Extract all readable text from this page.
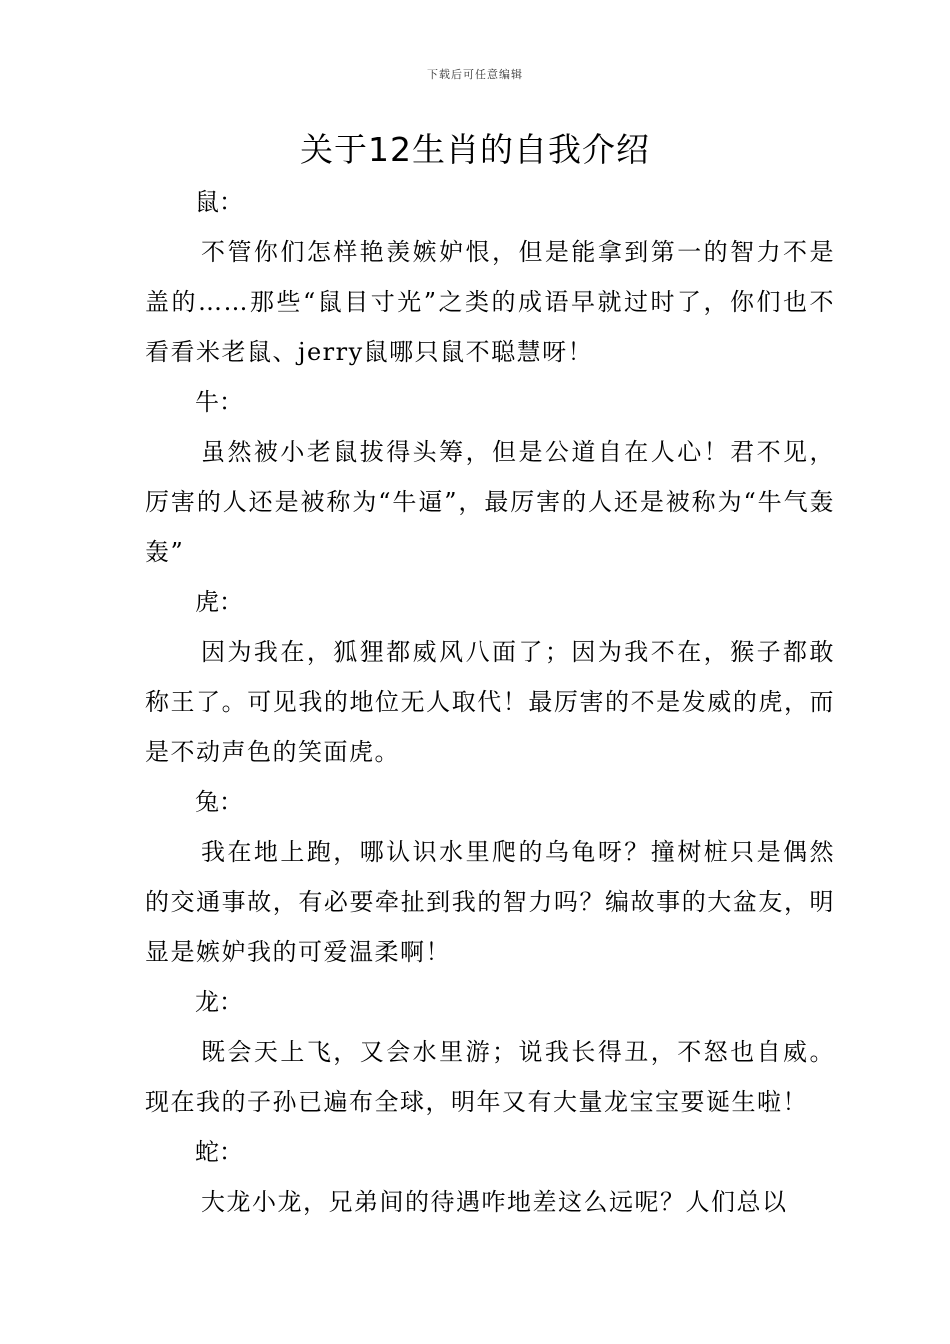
下载后可任意编辑
关于12生肖的自我介绍
鼠：
不管你们怎样艳羡嫉妒恨，但是能拿到第一的智力不是盖的……那些“鼠目寸光”之类的成语早就过时了，你们也不看看米老鼠、jerry鼠哪只鼠不聪慧呀！
牛：
虽然被小老鼠拔得头筹，但是公道自在人心！君不见，厉害的人还是被称为“牛逼”，最厉害的人还是被称为“牛气轰轰”
虎：
因为我在，狐狸都威风八面了；因为我不在，猴子都敢称王了。可见我的地位无人取代！最厉害的不是发威的虎，而是不动声色的笑面虎。
兔：
我在地上跑，哪认识水里爬的乌龟呀？撞树桩只是偶然的交通事故，有必要牵扯到我的智力吗？编故事的大盆友，明显是嫉妒我的可爱温柔啊！
龙：
既会天上飞，又会水里游；说我长得丑，不怒也自威。现在我的子孙已遍布全球，明年又有大量龙宝宝要诞生啦！
蛇：
大龙小龙，兄弟间的待遇咋地差这么远呢？人们总以
